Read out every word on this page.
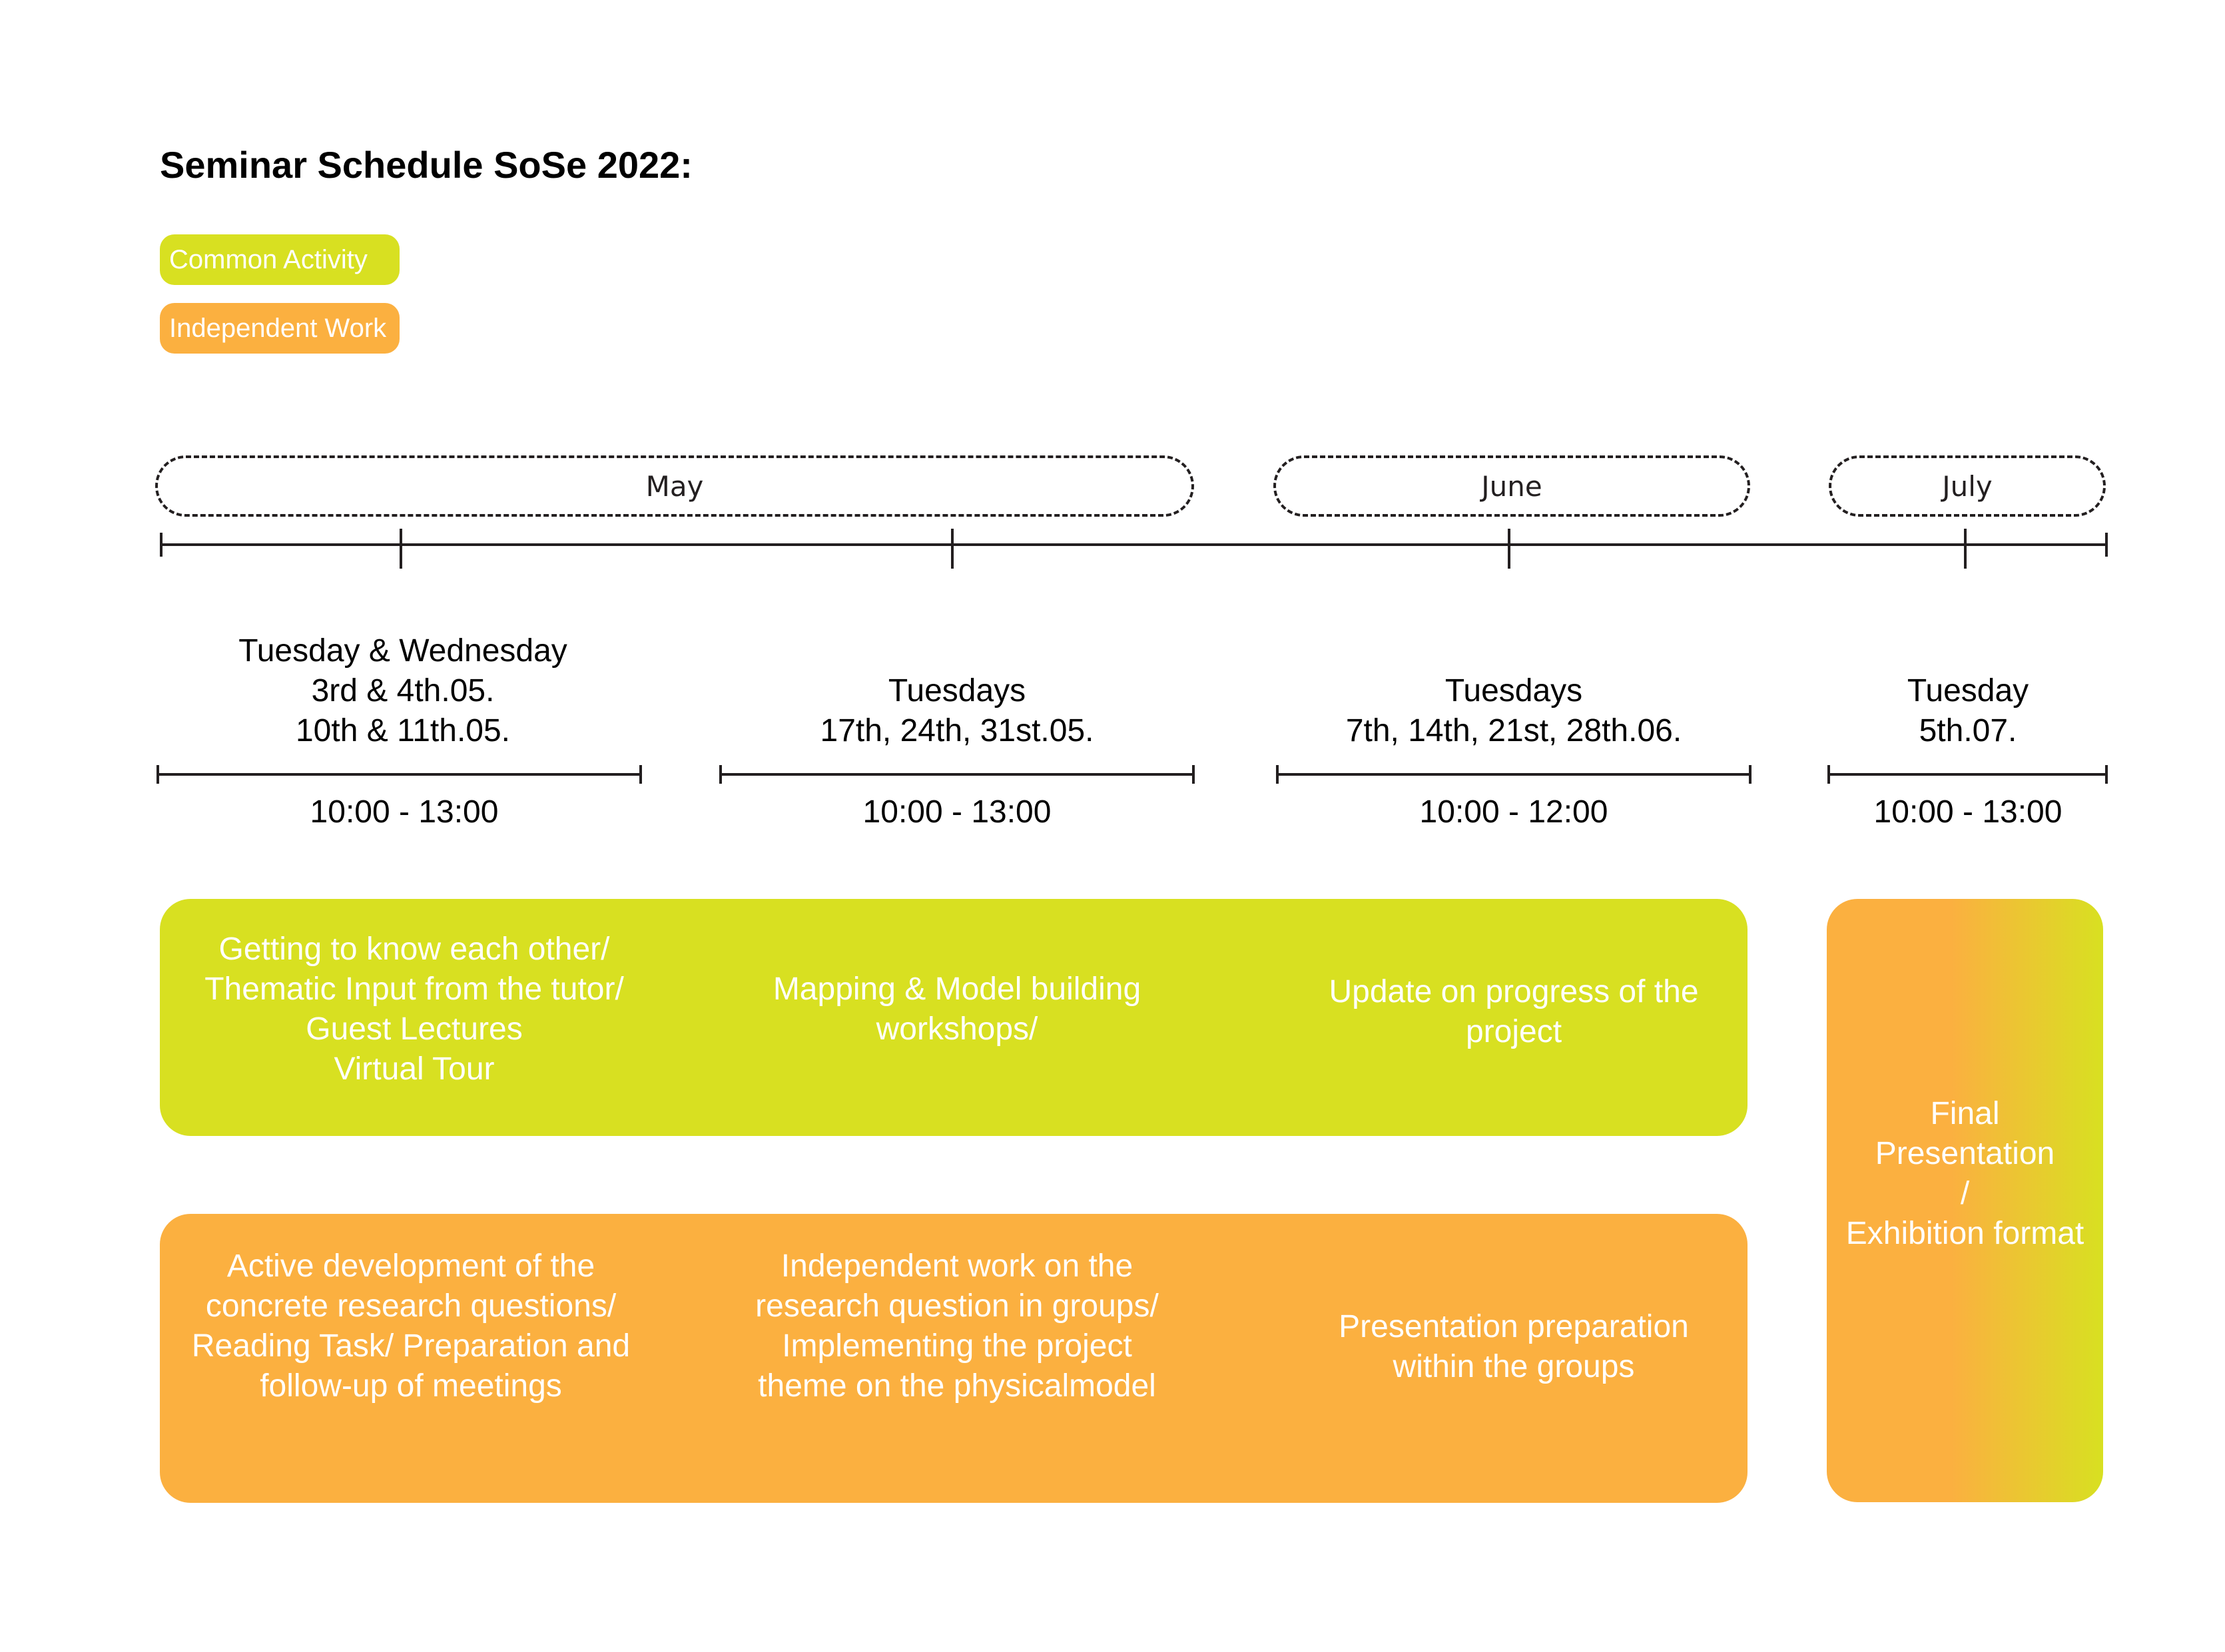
Seminar Schedule SoSe 2022:
Common Activity
Independent Work
May	June	July
Tuesday & Wednesday
3rd & 4th.05.
10th & 11th.05.
Tuesdays
17th, 24th, 31st.05.
Tuesdays
7th, 14th, 21st, 28th.06.
Tuesday
5th.07.
10:00 - 13:00	10:00 - 13:00	10:00 - 12:00	10:00 - 13:00
Getting to know each other/
Thematic Input from the tutor/
Guest Lectures
Virtual Tour
Mapping & Model building
workshops/
Update on progress of the
project
Active development of the
concrete research questions/
Reading Task/ Preparation and
follow-up of meetings
Independent work on the
research question in groups/
Implementing the project
theme on the physicalmodel
Presentation preparation
within the groups
Final
Presentation
/
Exhibition format
